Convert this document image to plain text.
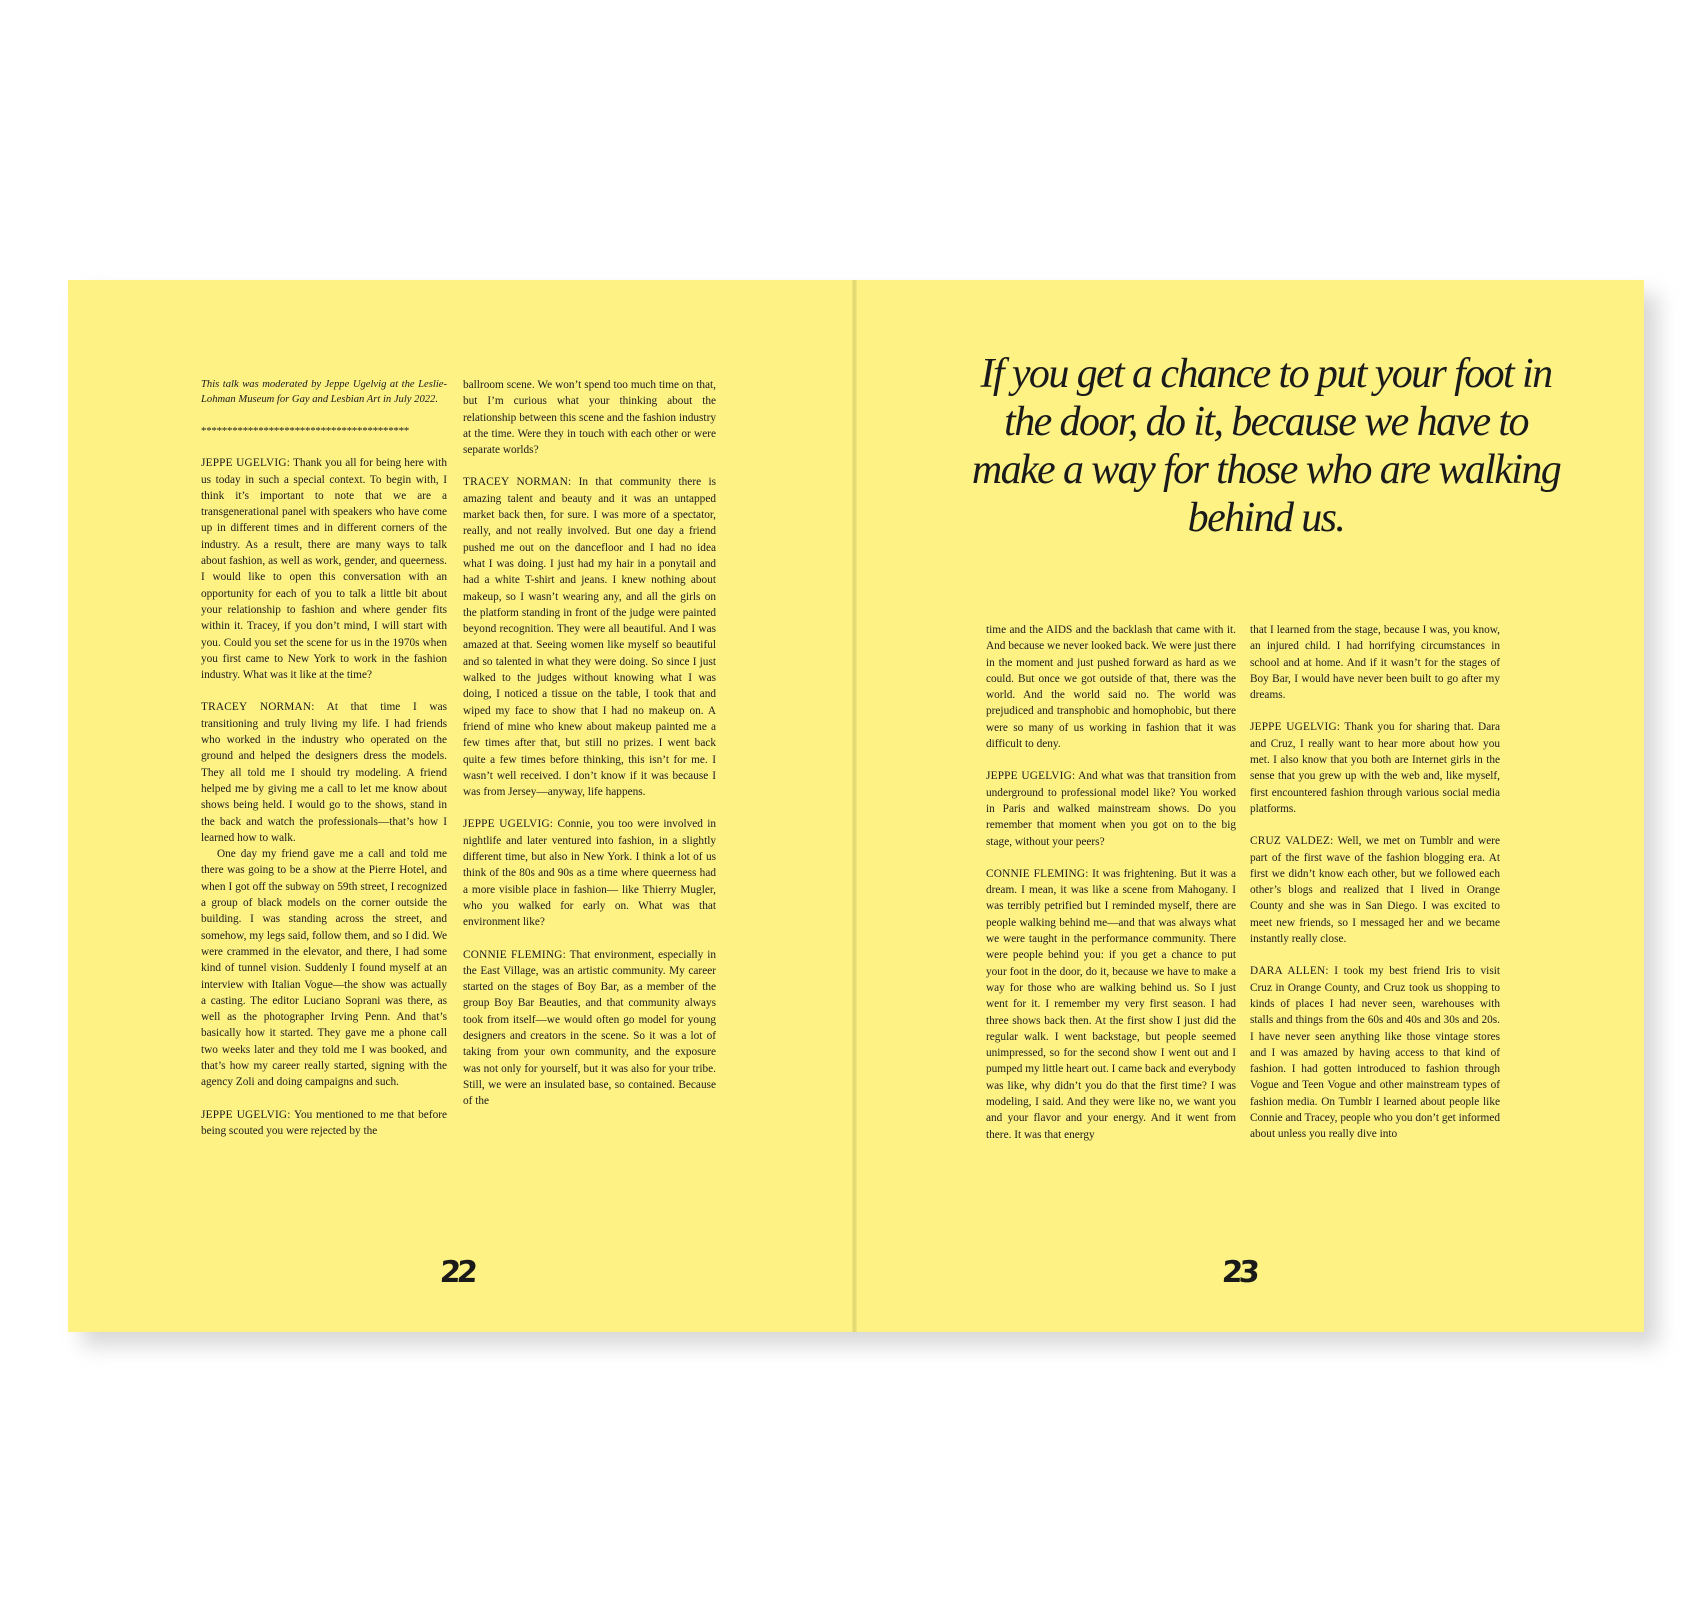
This talk was moderated by Jeppe Ugelvig at the Leslie-Lohman Museum for Gay and Lesbian Art in July 2022.

****************************************

JEPPE UGELVIG: Thank you all for being here with us today in such a special context. To begin with, I think it’s important to note that we are a transgenerational panel with speakers who have come up in different times and in different corners of the industry. As a result, there are many ways to talk about fashion, as well as work, gender, and queerness. I would like to open this conversation with an opportunity for each of you to talk a little bit about your relationship to fashion and where gender fits within it. Tracey, if you don’t mind, I will start with you. Could you set the scene for us in the 1970s when you first came to New York to work in the fashion industry. What was it like at the time?

TRACEY NORMAN: At that time I was transitioning and truly living my life. I had friends who worked in the industry who operated on the ground and helped the designers dress the models. They all told me I should try modeling. A friend helped me by giving me a call to let me know about shows being held. I would go to the shows, stand in the back and watch the professionals—that’s how I learned how to walk.

One day my friend gave me a call and told me there was going to be a show at the Pierre Hotel, and when I got off the subway on 59th street, I recognized a group of black models on the corner outside the building. I was standing across the street, and somehow, my legs said, follow them, and so I did. We were crammed in the elevator, and there, I had some kind of tunnel vision. Suddenly I found myself at an interview with Italian Vogue—the show was actually a casting. The editor Luciano Soprani was there, as well as the photographer Irving Penn. And that’s basically how it started. They gave me a phone call two weeks later and they told me I was booked, and that’s how my career really started, signing with the agency Zoli and doing campaigns and such.

JEPPE UGELVIG: You mentioned to me that before being scouted you were rejected by the

ballroom scene. We won’t spend too much time on that, but I’m curious what your thinking about the relationship between this scene and the fashion industry at the time. Were they in touch with each other or were separate worlds?

TRACEY NORMAN: In that community there is amazing talent and beauty and it was an untapped market back then, for sure. I was more of a spectator, really, and not really involved. But one day a friend pushed me out on the dancefloor and I had no idea what I was doing. I just had my hair in a ponytail and had a white T-shirt and jeans. I knew nothing about makeup, so I wasn’t wearing any, and all the girls on the platform standing in front of the judge were painted beyond recognition. They were all beautiful. And I was amazed at that. Seeing women like myself so beautiful and so talented in what they were doing. So since I just walked to the judges without knowing what I was doing, I noticed a tissue on the table, I took that and wiped my face to show that I had no makeup on. A friend of mine who knew about makeup painted me a few times after that, but still no prizes. I went back quite a few times before thinking, this isn’t for me. I wasn’t well received. I don’t know if it was because I was from Jersey—anyway, life happens.

JEPPE UGELVIG: Connie, you too were involved in nightlife and later ventured into fashion, in a slightly different time, but also in New York. I think a lot of us think of the 80s and 90s as a time where queerness had a more visible place in fashion— like Thierry Mugler, who you walked for early on. What was that environment like?

CONNIE FLEMING: That environment, especially in the East Village, was an artistic community. My career started on the stages of Boy Bar, as a member of the group Boy Bar Beauties, and that community always took from itself—we would often go model for young designers and creators in the scene. So it was a lot of taking from your own community, and the exposure was not only for yourself, but it was also for your tribe. Still, we were an insulated base, so contained. Because of the

22
If you get a chance to put your foot in the door, do it, because we have to make a way for those who are walking behind us.

time and the AIDS and the backlash that came with it. And because we never looked back. We were just there in the moment and just pushed forward as hard as we could. But once we got outside of that, there was the world. And the world said no. The world was prejudiced and transphobic and homophobic, but there were so many of us working in fashion that it was difficult to deny.

JEPPE UGELVIG: And what was that transition from underground to professional model like? You worked in Paris and walked mainstream shows. Do you remember that moment when you got on to the big stage, without your peers?

CONNIE FLEMING: It was frightening. But it was a dream. I mean, it was like a scene from Mahogany. I was terribly petrified but I reminded myself, there are people walking behind me—and that was always what we were taught in the performance community. There were people behind you: if you get a chance to put your foot in the door, do it, because we have to make a way for those who are walking behind us. So I just went for it. I remember my very first season. I had three shows back then. At the first show I just did the regular walk. I went backstage, but people seemed unimpressed, so for the second show I went out and I pumped my little heart out. I came back and everybody was like, why didn’t you do that the first time? I was modeling, I said. And they were like no, we want you and your flavor and your energy. And it went from there. It was that energy

that I learned from the stage, because I was, you know, an injured child. I had horrifying circumstances in school and at home. And if it wasn’t for the stages of Boy Bar, I would have never been built to go after my dreams.

JEPPE UGELVIG: Thank you for sharing that. Dara and Cruz, I really want to hear more about how you met. I also know that you both are Internet girls in the sense that you grew up with the web and, like myself, first encountered fashion through various social media platforms.

CRUZ VALDEZ: Well, we met on Tumblr and were part of the first wave of the fashion blogging era. At first we didn’t know each other, but we followed each other’s blogs and realized that I lived in Orange County and she was in San Diego. I was excited to meet new friends, so I messaged her and we became instantly really close.

DARA ALLEN: I took my best friend Iris to visit Cruz in Orange County, and Cruz took us shopping to kinds of places I had never seen, warehouses with stalls and things from the 60s and 40s and 30s and 20s. I have never seen anything like those vintage stores and I was amazed by having access to that kind of fashion. I had gotten introduced to fashion through Vogue and Teen Vogue and other mainstream types of fashion media. On Tumblr I learned about people like Connie and Tracey, people who you don’t get informed about unless you really dive into

23
